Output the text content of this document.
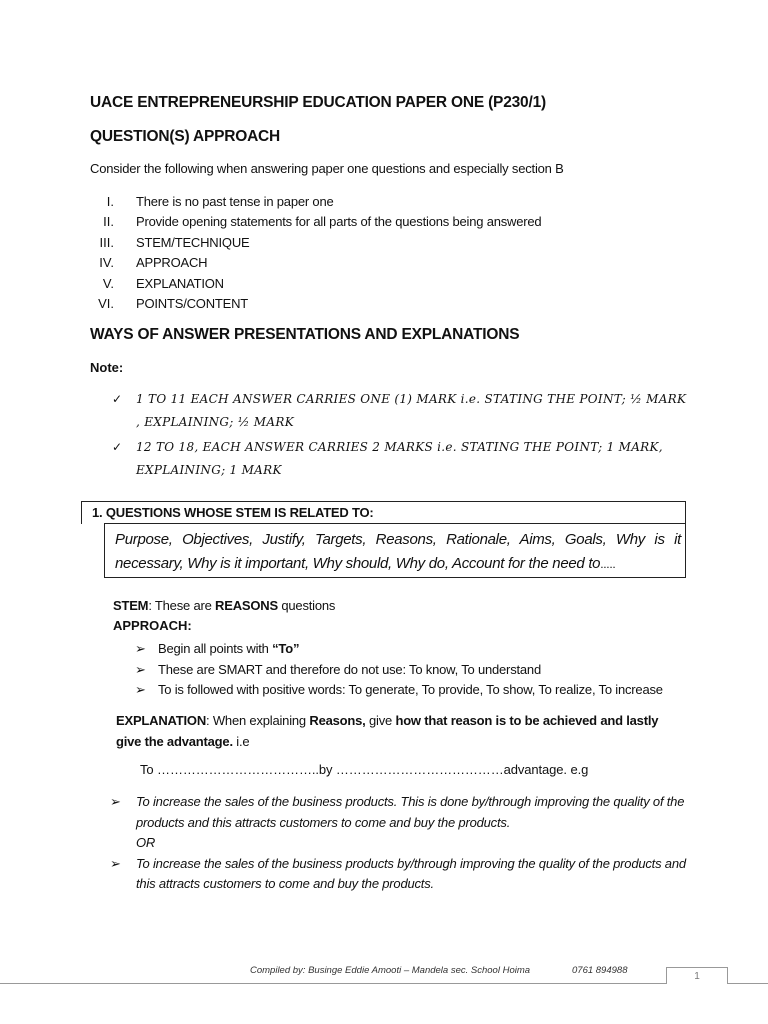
UACE ENTREPRENEURSHIP EDUCATION PAPER ONE (P230/1)
QUESTION(S) APPROACH
Consider the following when answering paper one questions and especially section B
I. There is no past tense in paper one
II. Provide opening statements for all parts of the questions being answered
III. STEM/TECHNIQUE
IV. APPROACH
V. EXPLANATION
VI. POINTS/CONTENT
WAYS OF ANSWER PRESENTATIONS AND EXPLANATIONS
Note:
✓ 1 TO 11 EACH ANSWER CARRIES ONE (1) MARK i.e. STATING THE POINT; ½ MARK , EXPLAINING; ½ MARK
✓ 12 TO 18, EACH ANSWER CARRIES 2 MARKS i.e. STATING THE POINT; 1 MARK, EXPLAINING; 1 MARK
1. QUESTIONS WHOSE STEM IS RELATED TO:
Purpose, Objectives, Justify, Targets, Reasons, Rationale, Aims, Goals, Why is it necessary, Why is it important, Why should, Why do, Account for the need to.....
STEM: These are REASONS questions
APPROACH:
➢ Begin all points with “To”
➢ These are SMART and therefore do not use: To know, To understand
➢ To is followed with positive words: To generate, To provide, To show, To realize, To increase
EXPLANATION: When explaining Reasons, give how that reason is to be achieved and lastly give the advantage. i.e
To ………………………………..by …………………………………advantage. e.g
➢ To increase the sales of the business products. This is done by/through improving the quality of the products and this attracts customers to come and buy the products.
OR
➢ To increase the sales of the business products by/through improving the quality of the products and this attracts customers to come and buy the products.
Compiled by: Businge Eddie Amooti – Mandela sec. School Hoima	0761 894988
1
